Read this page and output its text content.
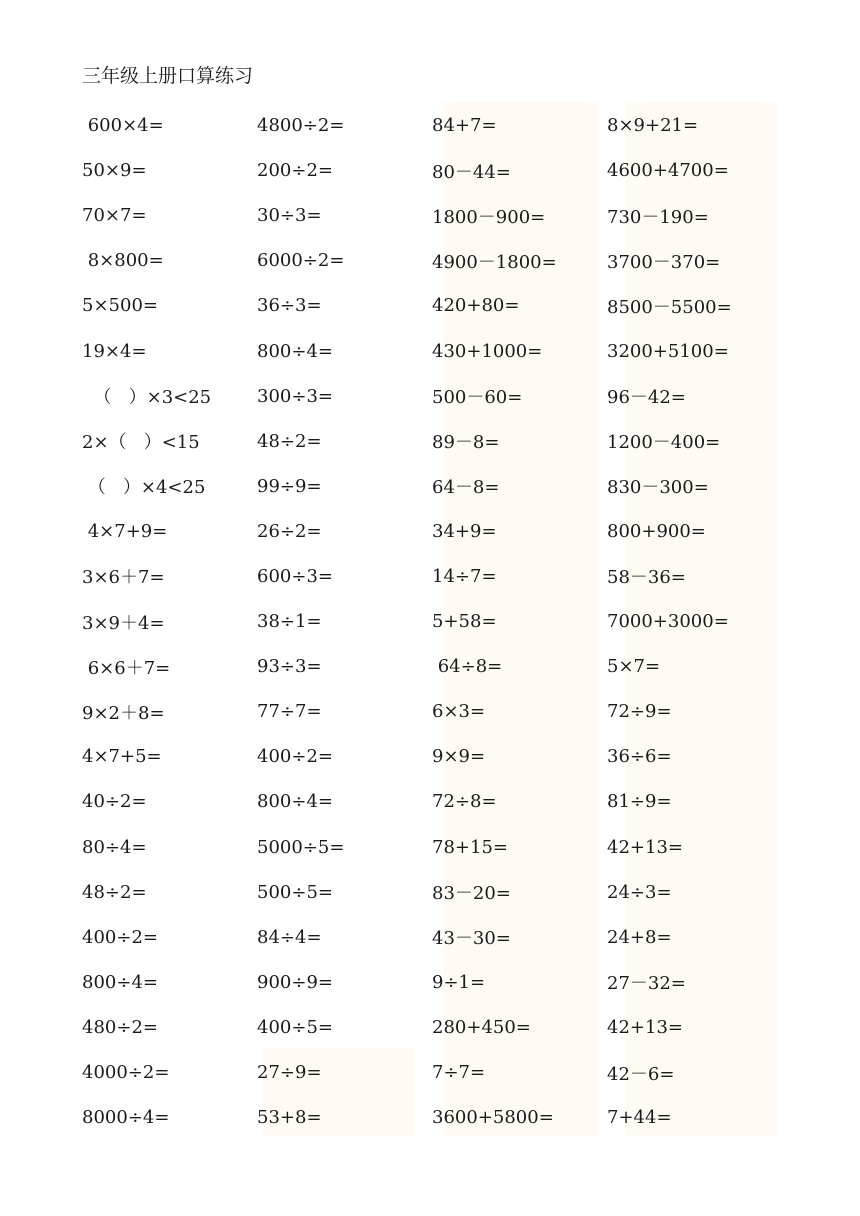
三年级上册口算练习
600×4=	4800÷2=	84+7=	8×9+21=
50×9=	200÷2=	80－44=	4600+4700=
70×7=	30÷3=	1800－900=	730－190=
8×800=	6000÷2=	4900－1800=	3700－370=
5×500=	36÷3=	420+80=	8500－5500=
19×4=	800÷4=	430+1000=	3200+5100=
（   ）×3<25	300÷3=	500－60=	96－42=
2×（   ）<15	48÷2=	89－8=	1200－400=
（   ）×4<25	99÷9=	64－8=	830－300=
4×7+9=	26÷2=	34+9=	800+900=
3×6＋7=	600÷3=	14÷7=	58－36=
3×9＋4=	38÷1=	5+58=	7000+3000=
6×6＋7=	93÷3=	64÷8=	5×7=
9×2＋8=	77÷7=	6×3=	72÷9=
4×7+5=	400÷2=	9×9=	36÷6=
40÷2=	800÷4=	72÷8=	81÷9=
80÷4=	5000÷5=	78+15=	42+13=
48÷2=	500÷5=	83－20=	24÷3=
400÷2=	84÷4=	43－30=	24+8=
800÷4=	900÷9=	9÷1=	27－32=
480÷2=	400÷5=	280+450=	42+13=
4000÷2=	27÷9=	7÷7=	42－6=
8000÷4=	53+8=	3600+5800=	7+44=
